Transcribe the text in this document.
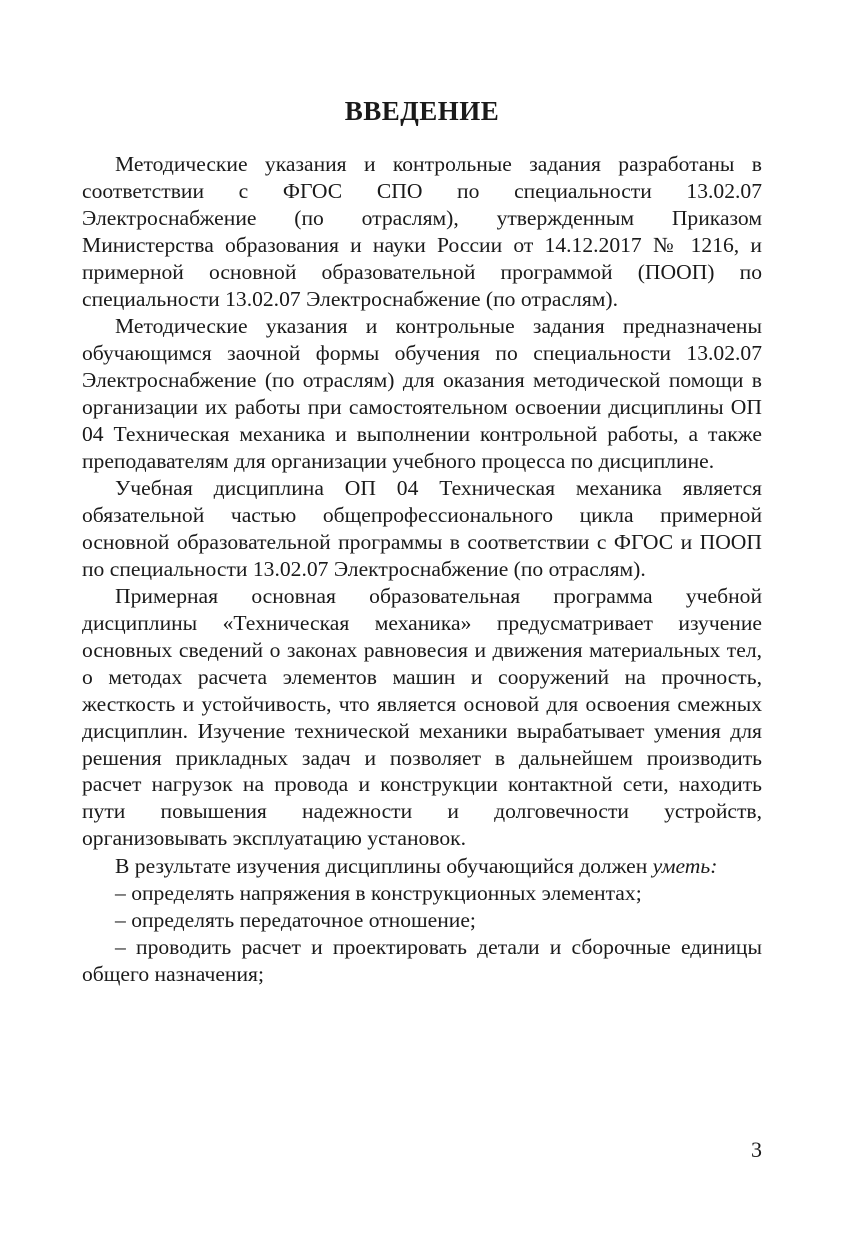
ВВЕДЕНИЕ

Методические указания и контрольные задания разработаны в соответствии с ФГОС СПО по специальности 13.02.07 Электроснабжение (по отраслям), утвержденным Приказом Министерства образования и науки России от 14.12.2017 № 1216, и примерной основной образовательной программой (ПООП) по специальности 13.02.07 Электроснабжение (по отраслям).

Методические указания и контрольные задания предназначены обучающимся заочной формы обучения по специальности 13.02.07 Электроснабжение (по отраслям) для оказания методической помощи в организации их работы при самостоятельном освоении дисциплины ОП 04 Техническая механика и выполнении контрольной работы, а также преподавателям для организации учебного процесса по дисциплине.

Учебная дисциплина ОП 04 Техническая механика является обязательной частью общепрофессионального цикла примерной основной образовательной программы в соответствии с ФГОС и ПООП по специальности 13.02.07 Электроснабжение (по отраслям).

Примерная основная образовательная программа учебной дисциплины «Техническая механика» предусматривает изучение основных сведений о законах равновесия и движения материальных тел, о методах расчета элементов машин и сооружений на прочность, жесткость и устойчивость, что является основой для освоения смежных дисциплин. Изучение технической механики вырабатывает умения для решения прикладных задач и позволяет в дальнейшем производить расчет нагрузок на провода и конструкции контактной сети, находить пути повышения надежности и долговечности устройств, организовывать эксплуатацию установок.

В результате изучения дисциплины обучающийся должен уметь:

– определять напряжения в конструкционных элементах;

– определять передаточное отношение;

– проводить расчет и проектировать детали и сборочные единицы общего назначения;

3
